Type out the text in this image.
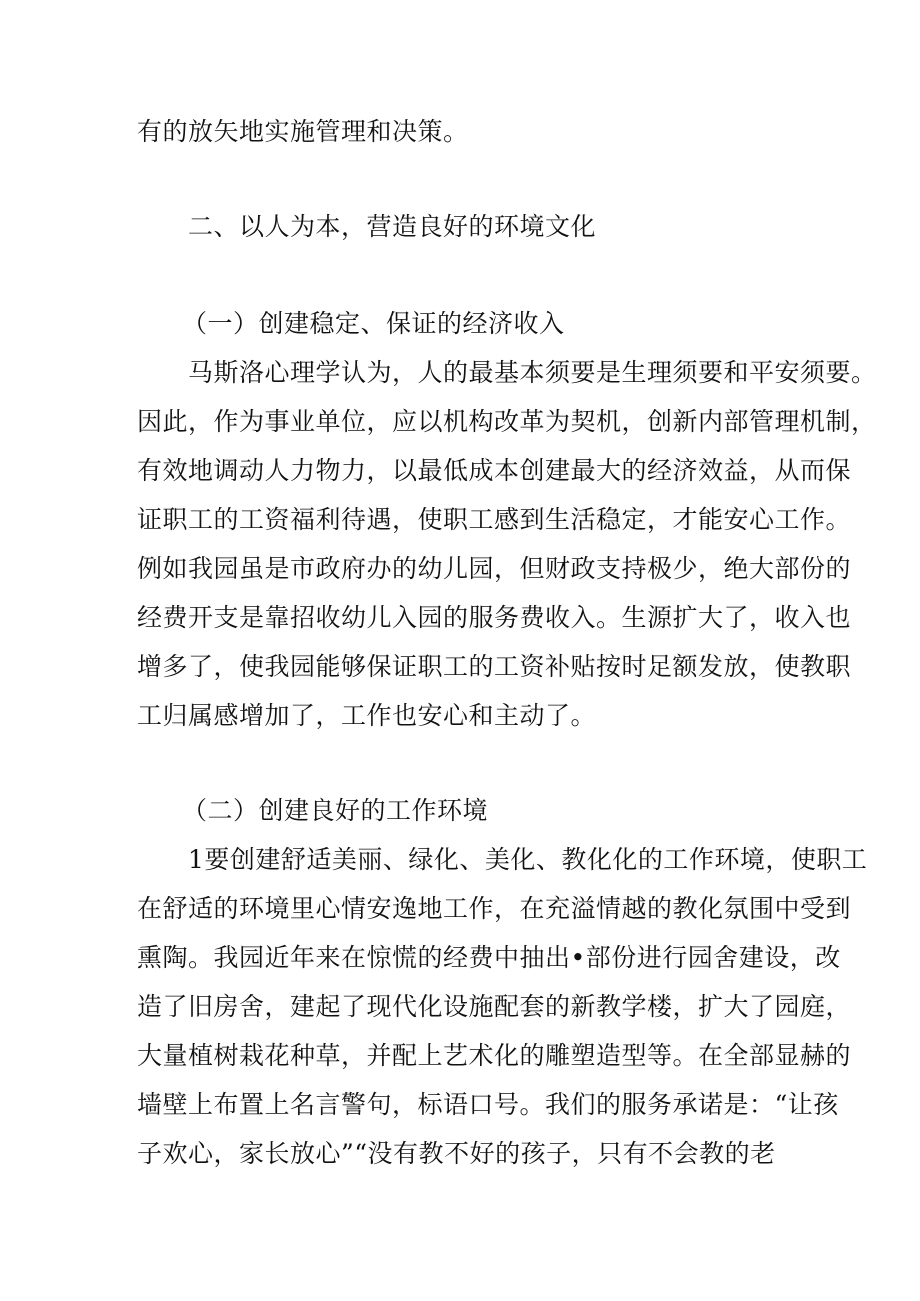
有的放矢地实施管理和决策。
二、以人为本，营造良好的环境文化
（一）创建稳定、保证的经济收入
马斯洛心理学认为，人的最基本须要是生理须要和平安须要。
因此，作为事业单位，应以机构改革为契机，创新内部管理机制，
有效地调动人力物力，以最低成本创建最大的经济效益，从而保
证职工的工资福利待遇，使职工感到生活稳定，才能安心工作。
例如我园虽是市政府办的幼儿园，但财政支持极少，绝大部份的
经费开支是靠招收幼儿入园的服务费收入。生源扩大了，收入也
增多了，使我园能够保证职工的工资补贴按时足额发放，使教职
工归属感增加了，工作也安心和主动了。
（二）创建良好的工作环境
1要创建舒适美丽、绿化、美化、教化化的工作环境，使职工
在舒适的环境里心情安逸地工作，在充溢情越的教化氛围中受到
熏陶。我园近年来在惊慌的经费中抽出•部份进行园舍建设，改
造了旧房舍，建起了现代化设施配套的新教学楼，扩大了园庭，
大量植树栽花种草，并配上艺术化的雕塑造型等。在全部显赫的
墙壁上布置上名言警句，标语口号。我们的服务承诺是：“让孩
子欢心，家长放心”“没有教不好的孩子，只有不会教的老
